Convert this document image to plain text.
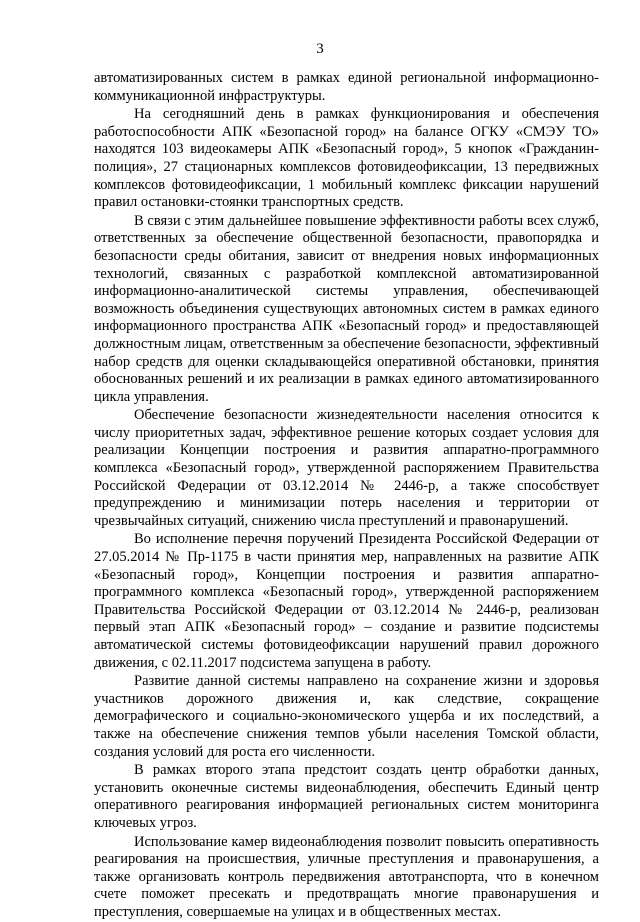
3

автоматизированных систем в рамках единой региональной информационно-коммуникационной инфраструктуры.

На сегодняшний день в рамках функционирования и обеспечения работоспособности АПК «Безопасной город» на балансе ОГКУ «СМЭУ ТО» находятся 103 видеокамеры АПК «Безопасный город», 5 кнопок «Гражданин-полиция», 27 стационарных комплексов фотовидеофиксации, 13 передвижных комплексов фотовидеофиксации, 1 мобильный комплекс фиксации нарушений правил остановки-стоянки транспортных средств.

В связи с этим дальнейшее повышение эффективности работы всех служб, ответственных за обеспечение общественной безопасности, правопорядка и безопасности среды обитания, зависит от внедрения новых информационных технологий, связанных с разработкой комплексной автоматизированной информационно-аналитической системы управления, обеспечивающей возможность объединения существующих автономных систем в рамках единого информационного пространства АПК «Безопасный город» и предоставляющей должностным лицам, ответственным за обеспечение безопасности, эффективный набор средств для оценки складывающейся оперативной обстановки, принятия обоснованных решений и их реализации в рамках единого автоматизированного цикла управления.

Обеспечение безопасности жизнедеятельности населения относится к числу приоритетных задач, эффективное решение которых создает условия для реализации Концепции построения и развития аппаратно-программного комплекса «Безопасный город», утвержденной распоряжением Правительства Российской Федерации от 03.12.2014 № 2446-р, а также способствует предупреждению и минимизации потерь населения и территории от чрезвычайных ситуаций, снижению числа преступлений и правонарушений.

Во исполнение перечня поручений Президента Российской Федерации от 27.05.2014 № Пр-1175 в части принятия мер, направленных на развитие АПК «Безопасный город», Концепции построения и развития аппаратно-программного комплекса «Безопасный город», утвержденной распоряжением Правительства Российской Федерации от 03.12.2014 № 2446-р, реализован первый этап АПК «Безопасный город» – создание и развитие подсистемы автоматической системы фотовидеофиксации нарушений правил дорожного движения, с 02.11.2017 подсистема запущена в работу.

Развитие данной системы направлено на сохранение жизни и здоровья участников дорожного движения и, как следствие, сокращение демографического и социально-экономического ущерба и их последствий, а также на обеспечение снижения темпов убыли населения Томской области, создания условий для роста его численности.

В рамках второго этапа предстоит создать центр обработки данных, установить оконечные системы видеонаблюдения, обеспечить Единый центр оперативного реагирования информацией региональных систем мониторинга ключевых угроз.

Использование камер видеонаблюдения позволит повысить оперативность реагирования на происшествия, уличные преступления и правонарушения, а также организовать контроль передвижения автотранспорта, что в конечном счете поможет пресекать и предотвращать многие правонарушения и преступления, совершаемые на улицах и в общественных местах.
